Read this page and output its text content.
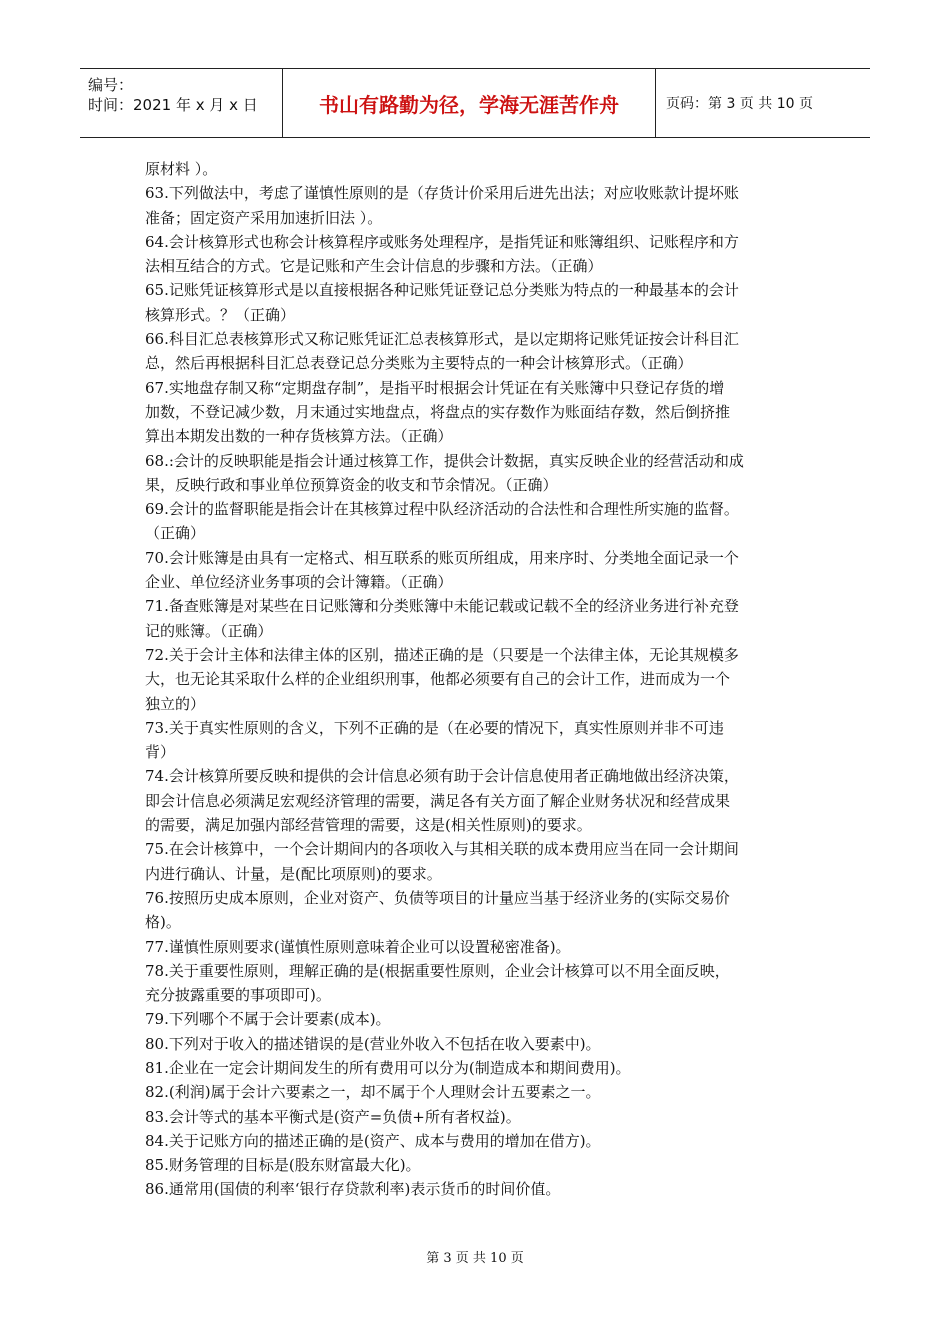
编号：
时间：2021 年 x 月 x 日	书山有路勤为径，学海无涯苦作舟	页码：第 3 页 共 10 页
原材料 ）。
63.下列做法中，考虑了谨慎性原则的是（存货计价采用后进先出法；对应收账款计提坏账
准备；固定资产采用加速折旧法 ）。
64.会计核算形式也称会计核算程序或账务处理程序，是指凭证和账簿组织、记账程序和方
法相互结合的方式。它是记账和产生会计信息的步骤和方法。（正确）
65.记账凭证核算形式是以直接根据各种记账凭证登记总分类账为特点的一种最基本的会计
核算形式。？（正确）
66.科目汇总表核算形式又称记账凭证汇总表核算形式，是以定期将记账凭证按会计科目汇
总，然后再根据科目汇总表登记总分类账为主要特点的一种会计核算形式。（正确）
67.实地盘存制又称“定期盘存制”，是指平时根据会计凭证在有关账簿中只登记存货的增
加数，不登记减少数，月末通过实地盘点，将盘点的实存数作为账面结存数，然后倒挤推
算出本期发出数的一种存货核算方法。（正确）
68.:会计的反映职能是指会计通过核算工作，提供会计数据，真实反映企业的经营活动和成
果，反映行政和事业单位预算资金的收支和节余情况。（正确）
69.会计的监督职能是指会计在其核算过程中队经济活动的合法性和合理性所实施的监督。
（正确）
70.会计账簿是由具有一定格式、相互联系的账页所组成，用来序时、分类地全面记录一个
企业、单位经济业务事项的会计簿籍。（正确）
71.备查账簿是对某些在日记账簿和分类账簿中未能记载或记载不全的经济业务进行补充登
记的账簿。（正确）
72.关于会计主体和法律主体的区别，描述正确的是（只要是一个法律主体，无论其规模多
大，也无论其采取什么样的企业组织刑事，他都必须要有自己的会计工作，进而成为一个
独立的）
73.关于真实性原则的含义，下列不正确的是（在必要的情况下，真实性原则并非不可违
背）
74.会计核算所要反映和提供的会计信息必须有助于会计信息使用者正确地做出经济决策，
即会计信息必须满足宏观经济管理的需要，满足各有关方面了解企业财务状况和经营成果
的需要，满足加强内部经营管理的需要，这是(相关性原则)的要求。
75.在会计核算中，一个会计期间内的各项收入与其相关联的成本费用应当在同一会计期间
内进行确认、计量，是(配比项原则)的要求。
76.按照历史成本原则，企业对资产、负债等项目的计量应当基于经济业务的(实际交易价
格)。
77.谨慎性原则要求(谨慎性原则意味着企业可以设置秘密准备)。
78.关于重要性原则，理解正确的是(根据重要性原则，企业会计核算可以不用全面反映，
充分披露重要的事项即可)。
79.下列哪个不属于会计要素(成本)。
80.下列对于收入的描述错误的是(营业外收入不包括在收入要素中)。
81.企业在一定会计期间发生的所有费用可以分为(制造成本和期间费用)。
82.(利润)属于会计六要素之一，却不属于个人理财会计五要素之一。
83.会计等式的基本平衡式是(资产=负债+所有者权益)。
84.关于记账方向的描述正确的是(资产、成本与费用的增加在借方)。
85.财务管理的目标是(股东财富最大化)。
86.通常用(国债的利率‘银行存贷款利率)表示货币的时间价值。
第 3 页 共 10 页
